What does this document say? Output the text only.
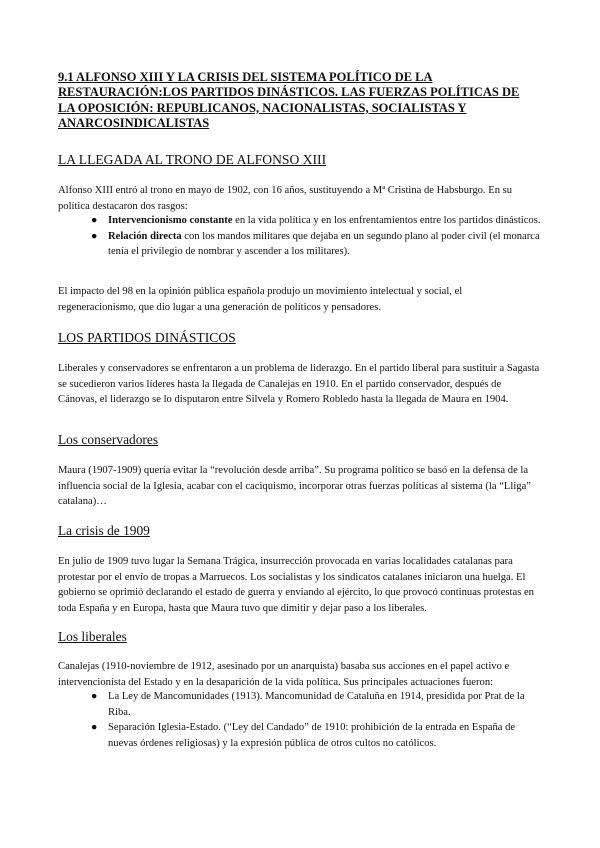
9.1 ALFONSO XIII Y LA CRISIS DEL SISTEMA POLÍTICO DE LA RESTAURACIÓN:LOS PARTIDOS DINÁSTICOS. LAS FUERZAS POLÍTICAS DE LA OPOSICIÓN: REPUBLICANOS, NACIONALISTAS, SOCIALISTAS Y ANARCOSINDICALISTAS
LA LLEGADA AL TRONO DE ALFONSO XIII
Alfonso XIII entró al trono en mayo de 1902, con 16 años, sustituyendo a Mª Cristina de Habsburgo. En su política destacaron dos rasgos:
● Intervencionismo constante en la vida política y en los enfrentamientos entre los partidos dinásticos.
● Relación directa con los mandos militares que dejaba en un segundo plano al poder civil (el monarca tenía el privilegio de nombrar y ascender a los militares).
El impacto del 98 en la opinión pública española produjo un movimiento intelectual y social, el regeneracionismo, que dio lugar a una generación de políticos y pensadores.
LOS PARTIDOS DINÁSTICOS
Liberales y conservadores se enfrentaron a un problema de liderazgo. En el partido liberal para sustituir a Sagasta se sucedieron varios líderes hasta la llegada de Canalejas en 1910. En el partido conservador, después de Cánovas, el liderazgo se lo disputaron entre Silvela y Romero Robledo hasta la llegada de Maura en 1904.
Los conservadores
Maura (1907-1909) quería evitar la “revolución desde arriba”. Su programa político se basó en la defensa de la influencia social de la Iglesia, acabar con el caciquismo, incorporar otras fuerzas políticas al sistema (la “Lliga” catalana)…
La crisis de 1909
En julio de 1909 tuvo lugar la Semana Trágica, insurrección provocada en varias localidades catalanas para protestar por el envío de tropas a Marruecos. Los socialistas y los sindicatos catalanes iniciaron una huelga. El gobierno se oprimió declarando el estado de guerra y enviando al ejército, lo que provocó continuas protestas en toda España y en Europa, hasta que Maura tuvo que dimitir y dejar paso a los liberales.
Los liberales
Canalejas (1910-noviembre de 1912, asesinado por un anarquista) basaba sus acciones en el papel activo e intervencionista del Estado y en la desaparición de la vida política. Sus principales actuaciones fueron:
● La Ley de Mancomunidades (1913). Mancomunidad de Cataluña en 1914, presidida por Prat de la Riba.
● Separación Iglesia-Estado. (“Ley del Candado” de 1910: prohibición de la entrada en España de nuevas órdenes religiosas) y la expresión pública de otros cultos no católicos.
